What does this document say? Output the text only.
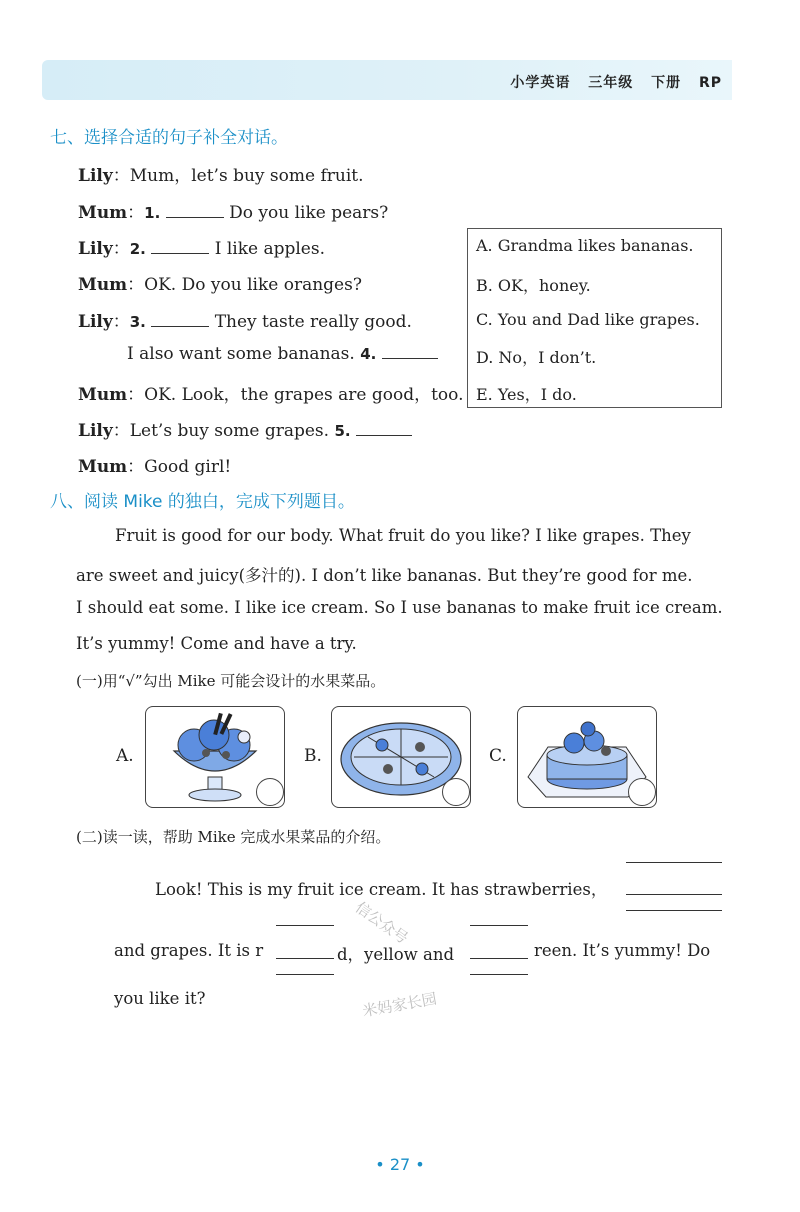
小学英语 三年级 下册 RP
七、选择合适的句子补全对话。
Lily：Mum，let’s buy some fruit.
Mum：1.	Do you like pears?
Lily：2.	I like apples.
Mum：OK. Do you like oranges?
Lily：3.	They taste really good.
I also want some bananas. 4.
Mum：OK. Look，the grapes are good，too.
Lily：Let’s buy some grapes. 5.
Mum：Good girl!
A. Grandma likes bananas.
B. OK，honey.
C. You and Dad like grapes.
D. No，I don’t.
E. Yes，I do.
八、阅读 Mike 的独白，完成下列题目。
Fruit is good for our body. What fruit do you like? I like grapes. They
are sweet and juicy(多汁的). I don’t like bananas. But they’re good for me.
I should eat some. I like ice cream. So I use bananas to make fruit ice cream.
It’s yummy! Come and have a try.
(一)用“√”勾出 Mike 可能会设计的水果菜品。
A.	B.	C.
(二)读一读，帮助 Mike 完成水果菜品的介绍。
Look! This is my fruit ice cream. It has strawberries，
and grapes. It is r	d，yellow and	reen. It’s yummy! Do
you like it?
信公众号
米妈家长园
• 27 •
